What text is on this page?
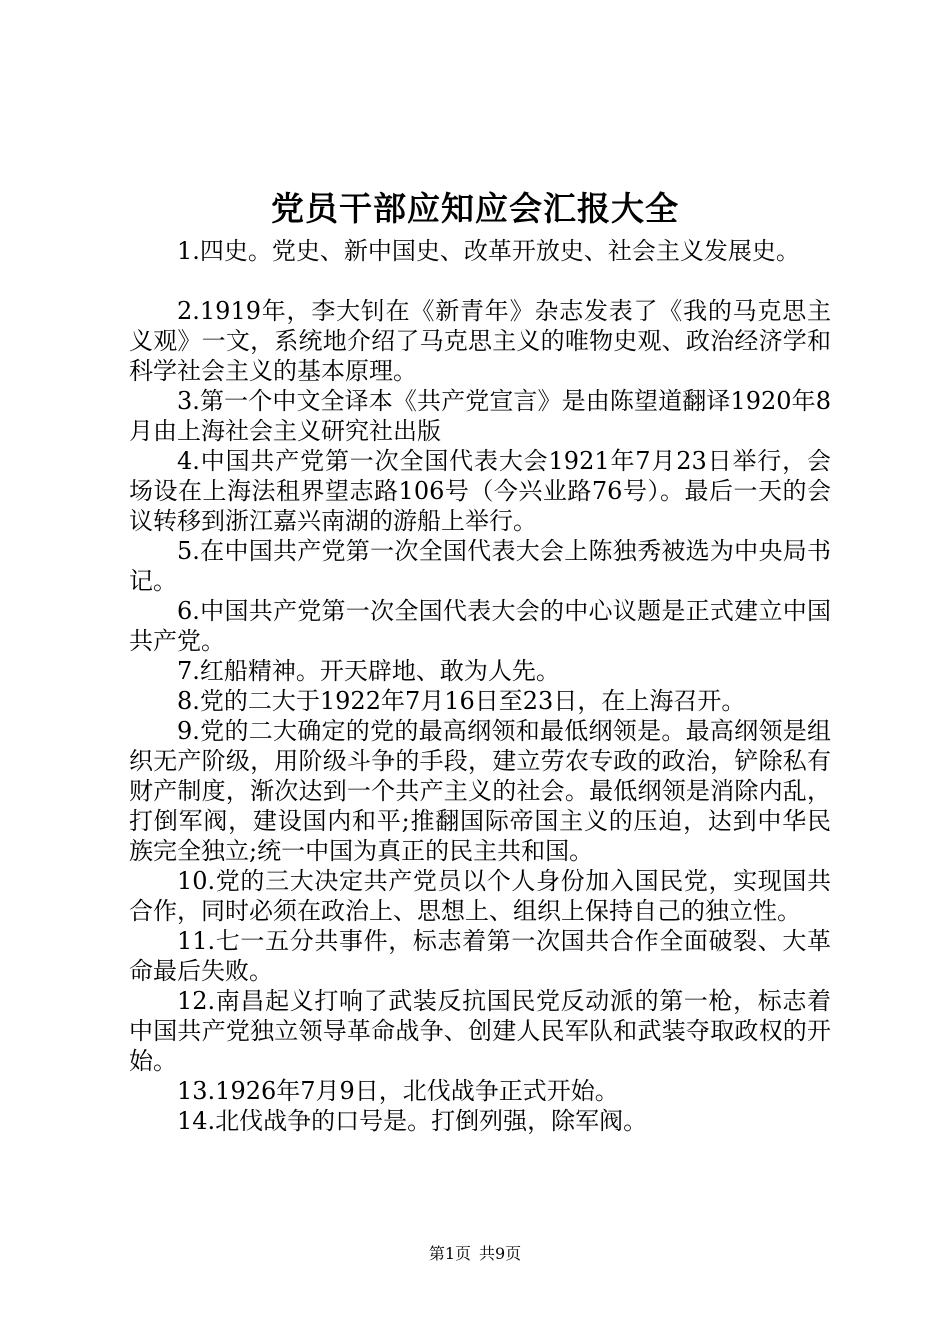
党员干部应知应会汇报大全

1.四史。党史、新中国史、改革开放史、社会主义发展史。

2.1919年，李大钊在《新青年》杂志发表了《我的马克思主义观》一文，系统地介绍了马克思主义的唯物史观、政治经济学和科学社会主义的基本原理。

3.第一个中文全译本《共产党宣言》是由陈望道翻译1920年8月由上海社会主义研究社出版

4.中国共产党第一次全国代表大会1921年7月23日举行，会场设在上海法租界望志路106号（今兴业路76号）。最后一天的会议转移到浙江嘉兴南湖的游船上举行。

5.在中国共产党第一次全国代表大会上陈独秀被选为中央局书记。

6.中国共产党第一次全国代表大会的中心议题是正式建立中国共产党。

7.红船精神。开天辟地、敢为人先。

8.党的二大于1922年7月16日至23日，在上海召开。

9.党的二大确定的党的最高纲领和最低纲领是。最高纲领是组织无产阶级，用阶级斗争的手段，建立劳农专政的政治，铲除私有财产制度，渐次达到一个共产主义的社会。最低纲领是消除内乱，打倒军阀，建设国内和平;推翻国际帝国主义的压迫，达到中华民族完全独立;统一中国为真正的民主共和国。

10.党的三大决定共产党员以个人身份加入国民党，实现国共合作，同时必须在政治上、思想上、组织上保持自己的独立性。

11.七一五分共事件，标志着第一次国共合作全面破裂、大革命最后失败。

12.南昌起义打响了武装反抗国民党反动派的第一枪，标志着中国共产党独立领导革命战争、创建人民军队和武装夺取政权的开始。

13.1926年7月9日，北伐战争正式开始。

14.北伐战争的口号是。打倒列强，除军阀。

第1页 共9页
